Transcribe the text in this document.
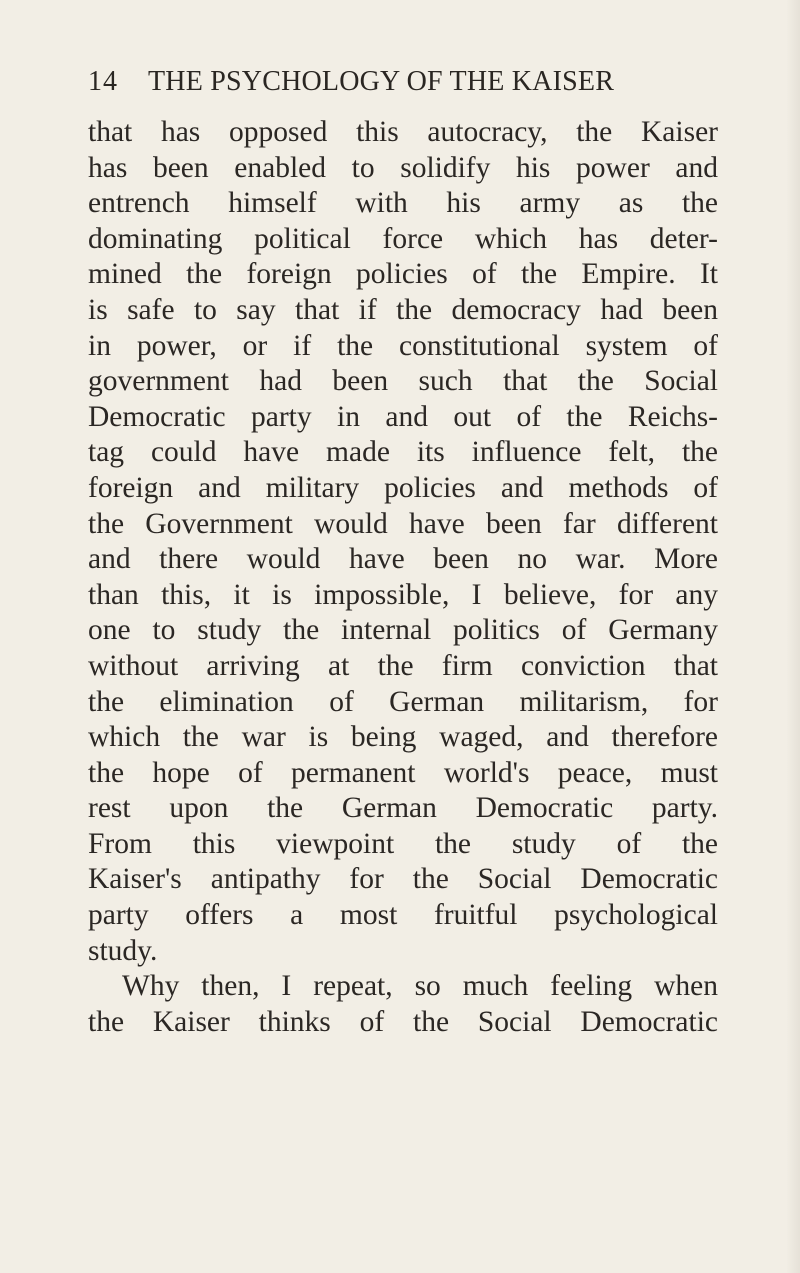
14 THE PSYCHOLOGY OF THE KAISER
that has opposed this autocracy, the Kaiser
has been enabled to solidify his power and
entrench himself with his army as the
dominating political force which has deter-
mined the foreign policies of the Empire. It
is safe to say that if the democracy had been
in power, or if the constitutional system of
government had been such that the Social
Democratic party in and out of the Reichs-
tag could have made its influence felt, the
foreign and military policies and methods of
the Government would have been far different
and there would have been no war. More
than this, it is impossible, I believe, for any
one to study the internal politics of Germany
without arriving at the firm conviction that
the elimination of German militarism, for
which the war is being waged, and therefore
the hope of permanent world's peace, must
rest upon the German Democratic party.
From this viewpoint the study of the
Kaiser's antipathy for the Social Democratic
party offers a most fruitful psychological
study.
Why then, I repeat, so much feeling when
the Kaiser thinks of the Social Democratic
